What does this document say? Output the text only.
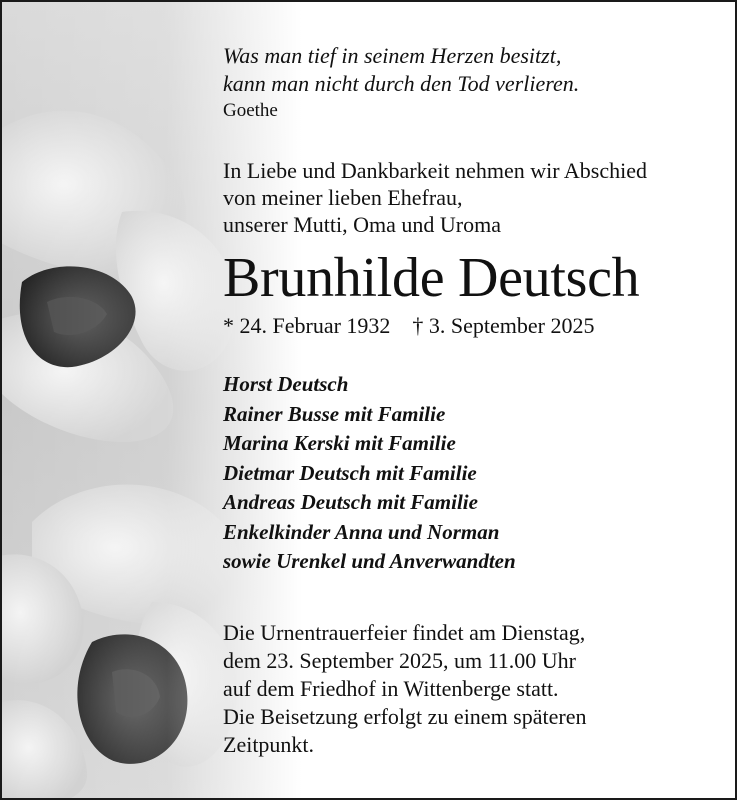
Was man tief in seinem Herzen besitzt,
kann man nicht durch den Tod verlieren.

Goethe

In Liebe und Dankbarkeit nehmen wir Abschied
von meiner lieben Ehefrau,
unserer Mutti, Oma und Uroma

Brunhilde Deutsch

* 24. Februar 1932 † 3. September 2025

Horst Deutsch
Rainer Busse mit Familie
Marina Kerski mit Familie
Dietmar Deutsch mit Familie
Andreas Deutsch mit Familie
Enkelkinder Anna und Norman
sowie Urenkel und Anverwandten

Die Urnentrauerfeier findet am Dienstag,
dem 23. September 2025, um 11.00 Uhr
auf dem Friedhof in Wittenberge statt.
Die Beisetzung erfolgt zu einem späteren
Zeitpunkt.
